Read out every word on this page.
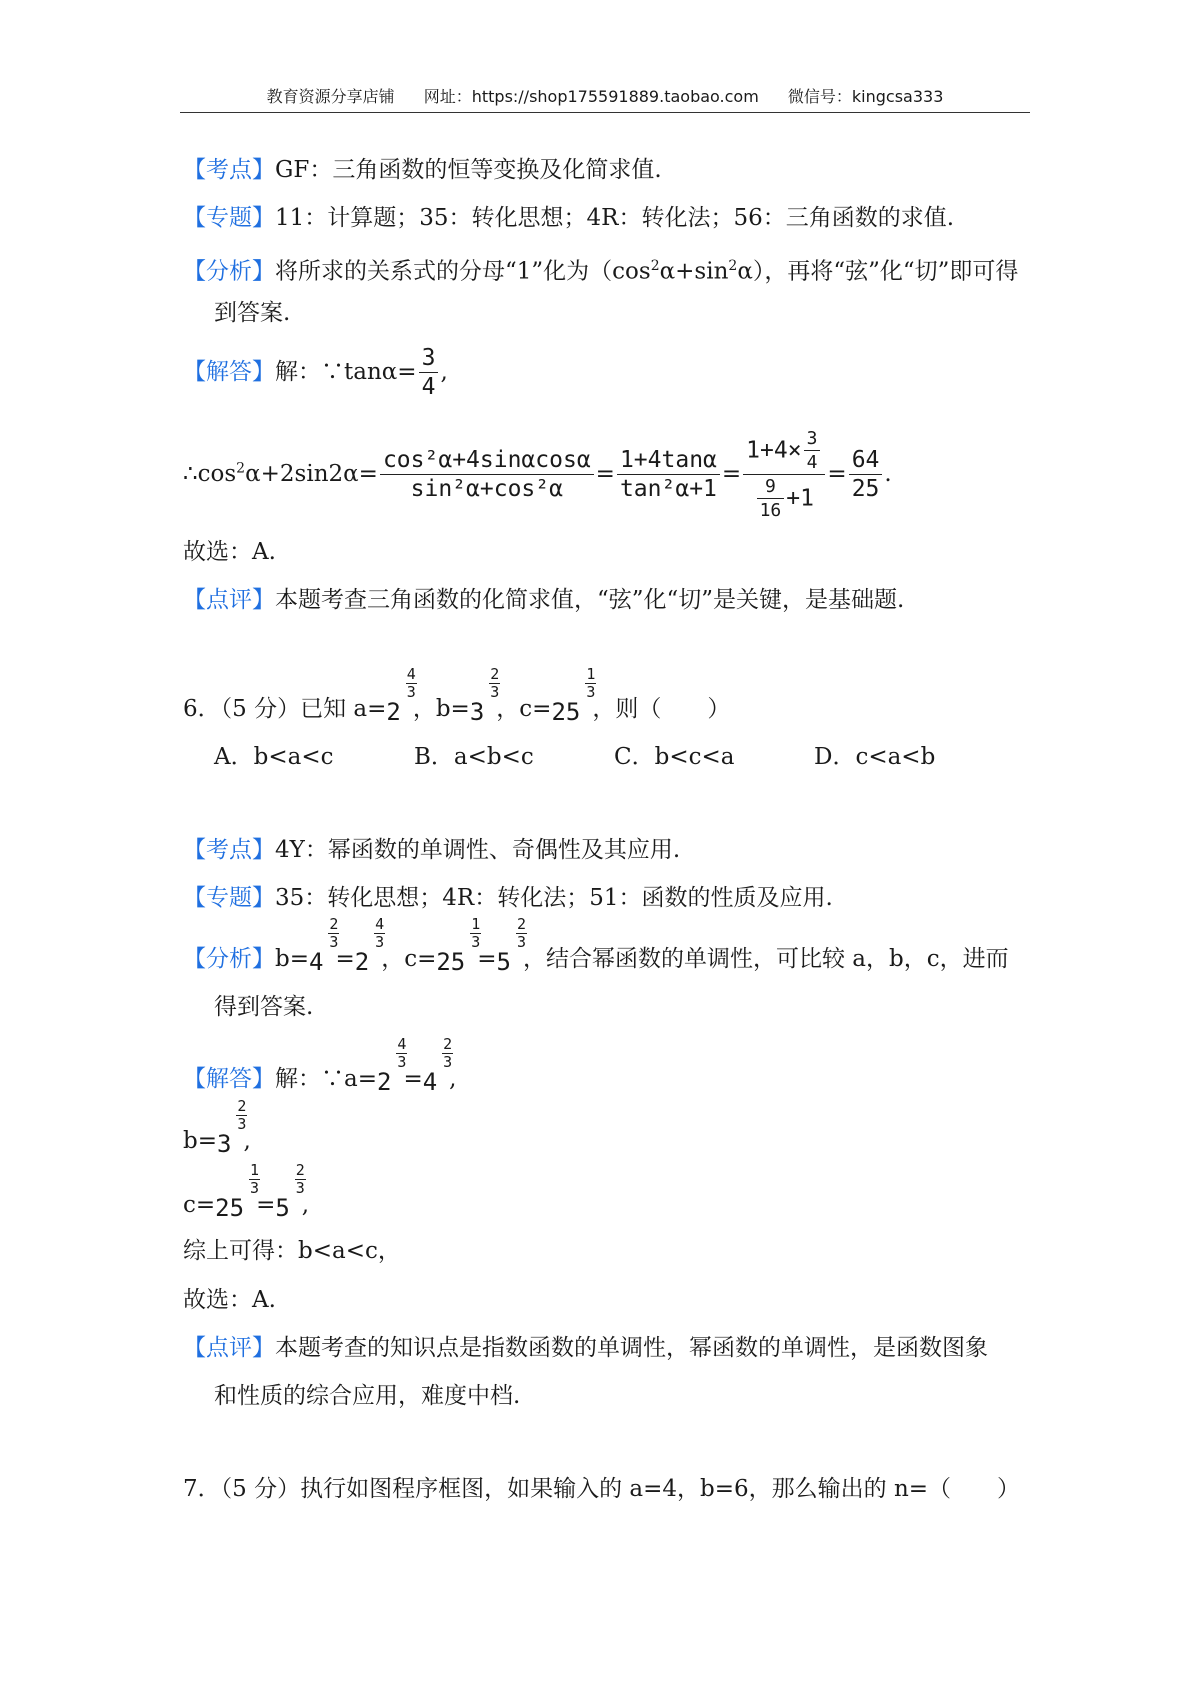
教育资源分享店铺 网址：https://shop175591889.taobao.com 微信号：kingcsa333
【考点】GF：三角函数的恒等变换及化简求值.
【专题】11：计算题；35：转化思想；4R：转化法；56：三角函数的求值.
【分析】将所求的关系式的分母“1”化为$(\cos^2\alpha+\sin^2\alpha)$，再将“弦”化“切”即可得
到答案.
【解答】解：∵tanα= $\frac{3}{4}$ ,
$\therefore\cos^2\alpha+2\sin 2\alpha= \frac{\text{cos²α+4sinαcosα}}{\text{sin²α+cos²α}} = \frac{1+4\tan\alpha}{\text{tan²α+1}} = \frac{1+4\times \frac{3}{4}}{\frac{9}{16} +1} = \frac{64}{25}$ .
故选：A.
【点评】本题考查三角函数的化简求值，“弦”化“切”是关键，是基础题.
6．（5 分）已知 a=2
4
3
，b=3
2
3
，c=25
1
3
，则（　　）
A．b<a<c	B．a<b<c	C．b<c<a	D．c<a<b
【考点】4Y：幂函数的单调性、奇偶性及其应用.
【专题】35：转化思想；4R：转化法；51：函数的性质及应用.
【分析】b=4
2
3
=2
4
3
，c=25
1
3
=5
2
3
，结合幂函数的单调性，可比较 a，b，c，进而
得到答案.
【解答】解：∵a=2
4
3
=4
2
3
,
b=3
2
3
,
c=25
1
3
=5
2
3
,
综上可得：b<a<c，
故选：A.
【点评】本题考查的知识点是指数函数的单调性，幂函数的单调性，是函数图象
和性质的综合应用，难度中档.
7．（5 分）执行如图程序框图，如果输入的 a=4，b=6，那么输出的 n=（　　）
